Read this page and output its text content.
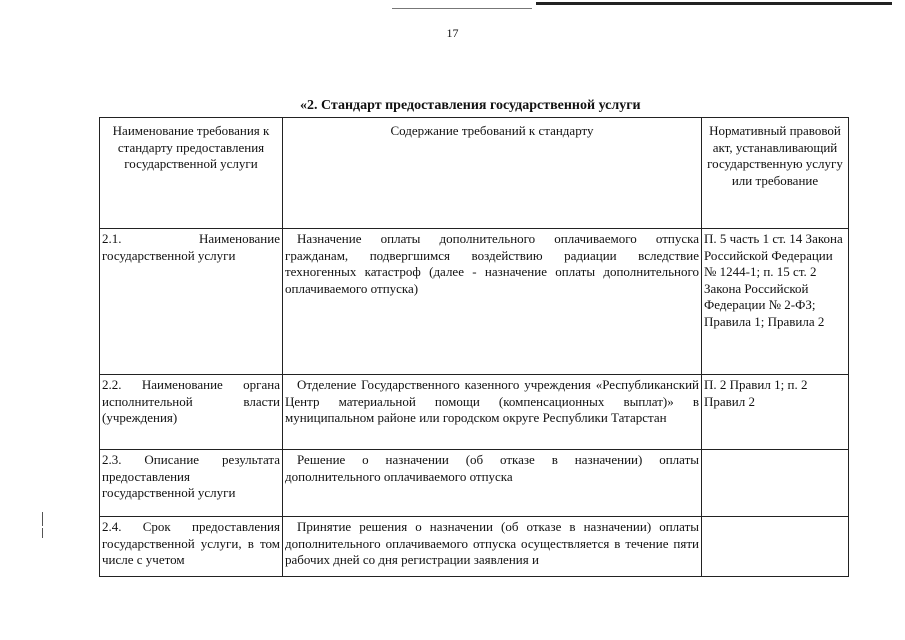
17
«2. Стандарт предоставления государственной услуги
Наименование требования к стандарту предоставления государственной услуги	Содержание требований к стандарту	Нормативный правовой акт, устанавливающий государственную услугу или требование
2.1. Наименование государственной услуги	Назначение оплаты дополнительного оплачиваемого отпуска гражданам, подвергшимся воздействию радиации вследствие техногенных катастроф (далее - назначение оплаты дополнительного оплачиваемого отпуска)	П. 5 часть 1 ст. 14 Закона Российской Федерации № 1244-1; п. 15 ст. 2 Закона Российской Федерации № 2-ФЗ; Правила 1; Правила 2
2.2. Наименование органа исполнительной власти (учреждения)	Отделение Государственного казенного учреждения «Республиканский Центр материальной помощи (компенсационных выплат)» в муниципальном районе или городском округе Республики Татарстан	П. 2 Правил 1; п. 2 Правил 2
2.3. Описание результата предоставления государственной услуги	Решение о назначении (об отказе в назначении) оплаты дополнительного оплачиваемого отпуска	
2.4. Срок предоставления государственной услуги, в том числе с учетом	Принятие решения о назначении (об отказе в назначении) оплаты дополнительного оплачиваемого отпуска осуществляется в течение пяти рабочих дней со дня регистрации заявления и	
